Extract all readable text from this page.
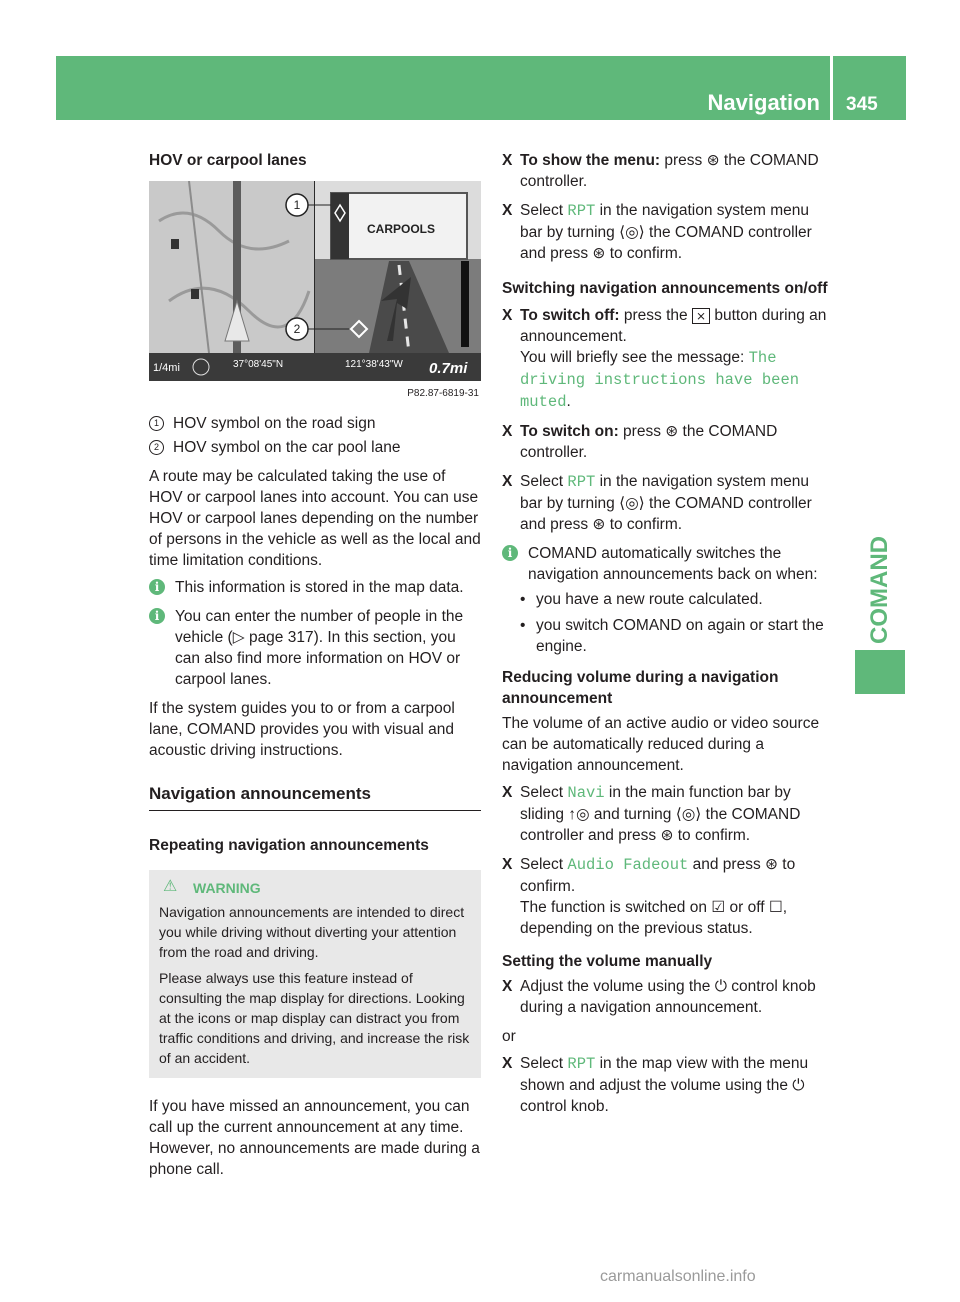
Navigation 345
COMAND
HOV or carpool lanes
CARPOOLS
1
2
1/4mi	37°08'45"N	121°38'43"W 0.7mi
P82.87-6819-31
1 HOV symbol on the road sign
2 HOV symbol on the car pool lane

A route may be calculated taking the use of HOV or carpool lanes into account. You can use HOV or carpool lanes depending on the number of persons in the vehicle as well as the local and time limitation conditions.

i	This information is stored in the map data.
i	You can enter the number of people in the vehicle (▷ page 317). In this section, you can also find more information on HOV or carpool lanes.

If the system guides you to or from a carpool lane, COMAND provides you with visual and acoustic driving instructions.

Navigation announcements
Repeating navigation announcements
⚠ WARNING

Navigation announcements are intended to direct you while driving without diverting your attention from the road and driving.

Please always use this feature instead of consulting the map display for directions. Looking at the icons or map display can distract you from traffic conditions and driving, and increase the risk of an accident.

If you have missed an announcement, you can call up the current announcement at any time. However, no announcements are made during a phone call.

X To show the menu: press ⊛ the COMAND controller.
X Select RPT in the navigation system menu bar by turning ⟨◎⟩ the COMAND controller and press ⊛ to confirm.
Switching navigation announcements on/off
X To switch off: press the ⨯ button during an announcement.
You will briefly see the message: The driving instructions have been muted.
X To switch on: press ⊛ the COMAND controller.
X Select RPT in the navigation system menu bar by turning ⟨◎⟩ the COMAND controller and press ⊛ to confirm.
i	COMAND automatically switches the navigation announcements back on when:
• you have a new route calculated.
• you switch COMAND on again or start the engine.
Reducing volume during a navigation announcement

The volume of an active audio or video source can be automatically reduced during a navigation announcement.

X Select Navi in the main function bar by sliding ↑◎ and turning ⟨◎⟩ the COMAND controller and press ⊛ to confirm.
X Select Audio Fadeout and press ⊛ to confirm.
The function is switched on ☑ or off ☐,
depending on the previous status.
Setting the volume manually
X Adjust the volume using the ⏻ control knob during a navigation announcement.

or

X Select RPT in the map view with the menu shown and adjust the volume using the ⏻ control knob.
carmanualsonline.info
